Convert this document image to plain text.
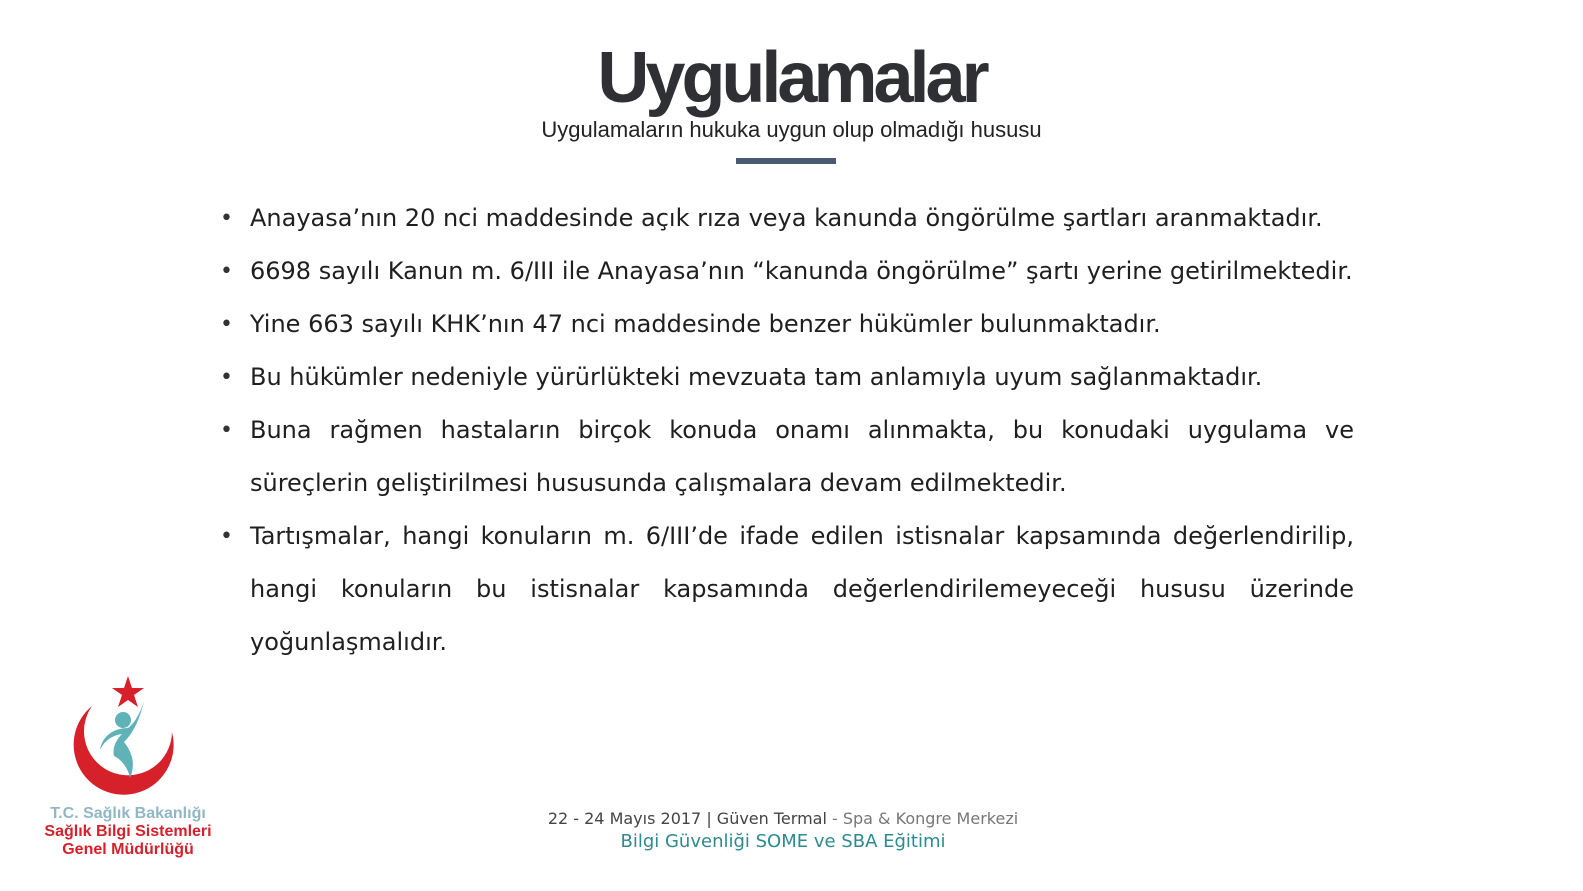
Uygulamalar
Uygulamaların hukuka uygun olup olmadığı hususu
• Anayasa’nın 20 nci maddesinde açık rıza veya kanunda öngörülme şartları aranmaktadır.
• 6698 sayılı Kanun m. 6/III ile Anayasa’nın “kanunda öngörülme” şartı yerine getirilmektedir.
• Yine 663 sayılı KHK’nın 47 nci maddesinde benzer hükümler bulunmaktadır.
• Bu hükümler nedeniyle yürürlükteki mevzuata tam anlamıyla uyum sağlanmaktadır.
• Buna rağmen hastaların birçok konuda onamı alınmakta, bu konudaki uygulama ve süreçlerin geliştirilmesi hususunda çalışmalara devam edilmektedir.
• Tartışmalar, hangi konuların m. 6/III’de ifade edilen istisnalar kapsamında değerlendirilip, hangi konuların bu istisnalar kapsamında değerlendirilemeyeceği hususu üzerinde yoğunlaşmalıdır.
T.C. Sağlık Bakanlığı
Sağlık Bilgi Sistemleri
Genel Müdürlüğü
22 - 24 Mayıs 2017 | Güven Termal - Spa & Kongre Merkezi
Bilgi Güvenliği SOME ve SBA Eğitimi
